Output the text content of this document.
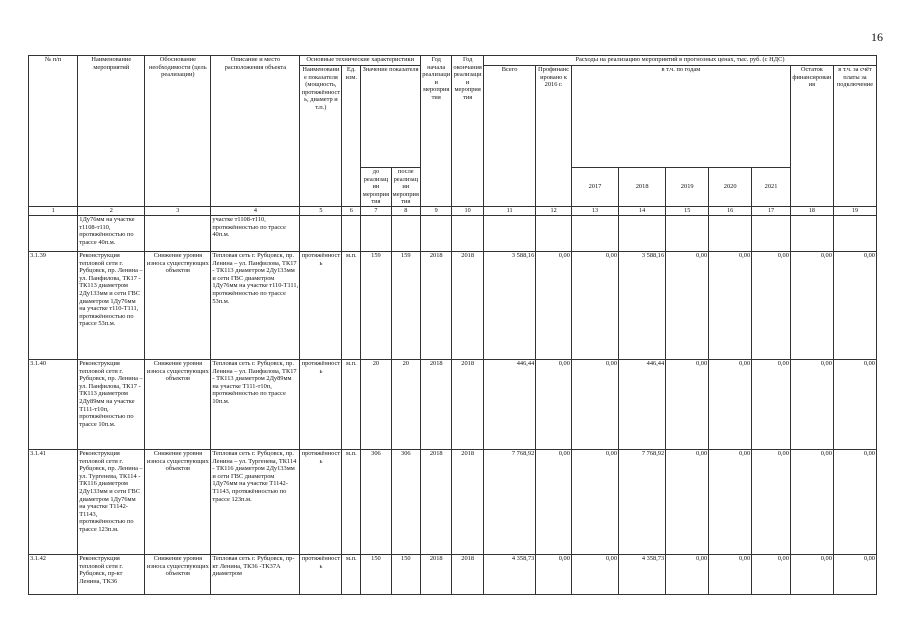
16
№ п/п	Наименование мероприятий	Обоснование необходимости (цель реализации)	Описание и место расположения объекта	Основные технические характеристики				Год начала реализации мероприятия	Год окончания реализации мероприятия	Расходы на реализацию мероприятий в прогнозных ценах, тыс. руб. (с НДС)								
				Наименование показателя (мощность, протяжённость, диаметр и т.п.)	Ед. изм.	Значение показателя				Всего	Профинансировано к 2016 г.	в т.ч. по годам					Остаток финансирования	в т.ч. за счёт платы за подключение
						до реализации мероприятия	после реализации мероприятия					2017	2018	2019	2020	2021		
1	2	3	4	5	6	7	8	9	10	11	12	13	14	15	16	17	18	19
	1Ду76мм на участке т1108-т110, протяжённостью по трассе 40п.м.		участке т1108-т110, протяжённостью по трассе 40п.м.															
3.1.39	Реконструкция тепловой сети г. Рубцовск, пр. Ленина – ул. Панфилова, ТК17 - ТК113 диаметром 2Ду133мм и сети ГВС диаметром 1Ду76мм на участке т110-Т111, протяжённостью по трассе 53п.м.	Снижение уровня износа существующих объектов	Тепловая сеть г. Рубцовск, пр. Ленина – ул. Панфилова, ТК17 - ТК113 диаметром 2Ду133мм и сети ГВС диаметром 1Ду76мм на участке т110-Т111, протяжённостью по трассе 53п.м.	протяжённость	м.п.	159	159	2018	2018	3 588,16	0,00	0,00	3 588,16	0,00	0,00	0,00	0,00	0,00
3.1.40	Реконструкция тепловой сети г. Рубцовск, пр. Ленина – ул. Панфилова, ТК17 - ТК113 диаметром 2Ду89мм на участке Т111-т10п, протяжённостью по трассе 10п.м.	Снижение уровня износа существующих объектов	Тепловая сеть г. Рубцовск, пр. Ленина – ул. Панфилова, ТК17 - ТК113 диаметром 2Ду89мм на участке Т111-т10п, протяжённостью по трассе 10п.м.	протяжённость	м.п.	20	20	2018	2018	446,44	0,00	0,00	446,44	0,00	0,00	0,00	0,00	0,00
3.1.41	Реконструкция тепловой сети г. Рубцовск, пр. Ленина – ул. Тургенева, ТК114 - ТК116 диаметром 2Ду133мм и сети ГВС диаметром 1Ду76мм на участке Т1142-Т1143, протяжённостью по трассе 123п.м.	Снижение уровня износа существующих объектов	Тепловая сеть г. Рубцовск, пр. Ленина – ул. Тургенева, ТК114 - ТК116 диаметром 2Ду133мм и сети ГВС диаметром 1Ду76мм на участке Т1142-Т1143, протяжённостью по трассе 123п.м.	протяжённость	м.п.	306	306	2018	2018	7 768,92	0,00	0,00	7 768,92	0,00	0,00	0,00	0,00	0,00
3.1.42	Реконструкция тепловой сети г. Рубцовск, пр-кт Ленина, ТК36	Снижение уровня износа существующих объектов	Тепловая сеть г. Рубцовск, пр-кт Ленина, ТК36 -ТК37А диаметром	протяжённость	м.п.	150	150	2018	2018	4 358,73	0,00	0,00	4 358,73	0,00	0,00	0,00	0,00	0,00
